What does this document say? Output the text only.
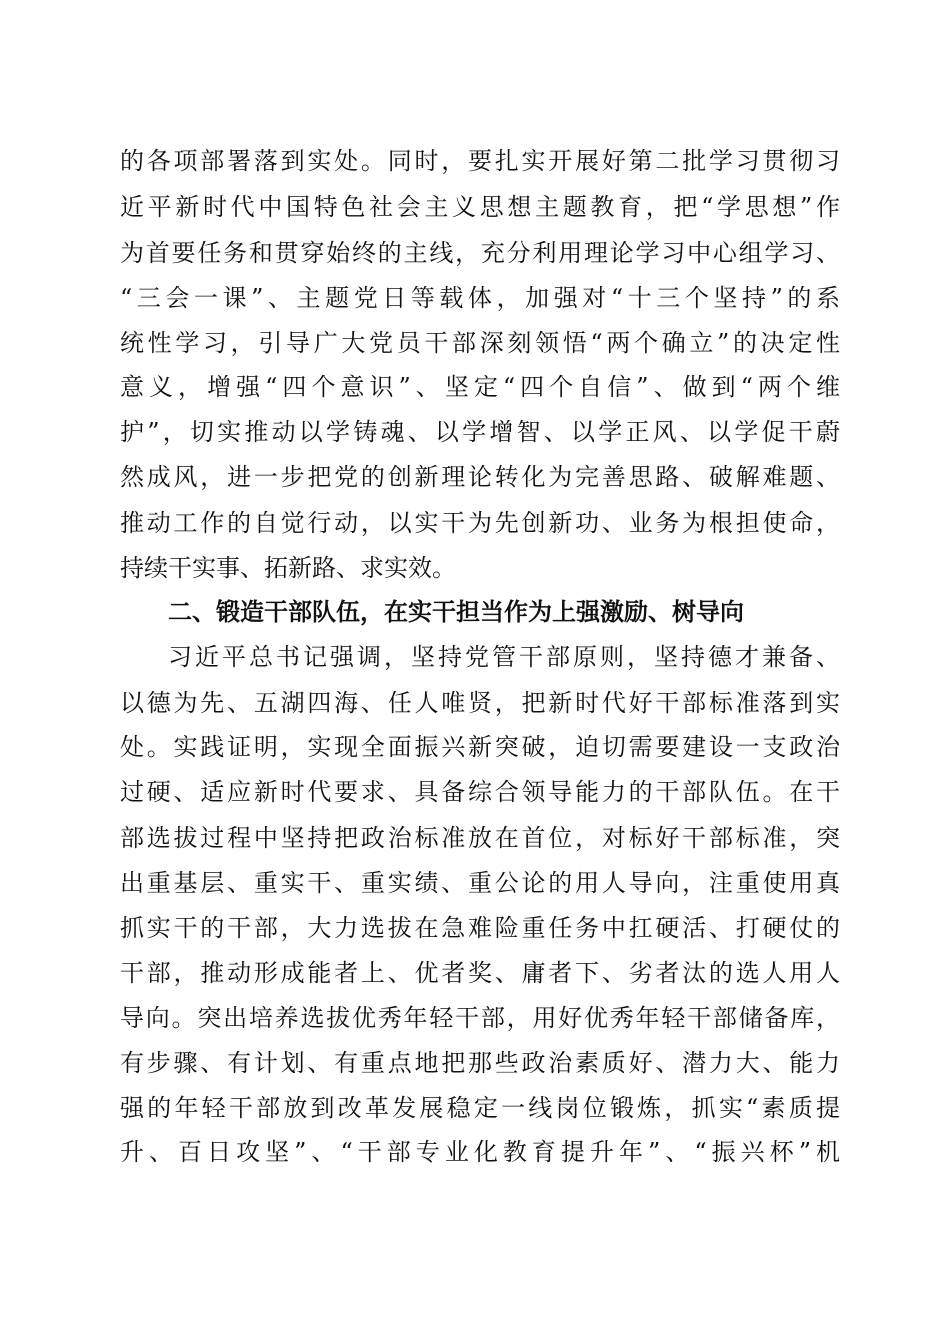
的各项部署落到实处。同时，要扎实开展好第二批学习贯彻习
近平新时代中国特色社会主义思想主题教育，把“学思想”作
为首要任务和贯穿始终的主线，充分利用理论学习中心组学习、
“三会一课”、主题党日等载体，加强对“十三个坚持”的系
统性学习，引导广大党员干部深刻领悟“两个确立”的决定性
意义，增强“四个意识”、坚定“四个自信”、做到“两个维
护”，切实推动以学铸魂、以学增智、以学正风、以学促干蔚
然成风，进一步把党的创新理论转化为完善思路、破解难题、
推动工作的自觉行动，以实干为先创新功、业务为根担使命，
持续干实事、拓新路、求实效。
二、锻造干部队伍，在实干担当作为上强激励、树导向
习近平总书记强调，坚持党管干部原则，坚持德才兼备、
以德为先、五湖四海、任人唯贤，把新时代好干部标准落到实
处。实践证明，实现全面振兴新突破，迫切需要建设一支政治
过硬、适应新时代要求、具备综合领导能力的干部队伍。在干
部选拔过程中坚持把政治标准放在首位，对标好干部标准，突
出重基层、重实干、重实绩、重公论的用人导向，注重使用真
抓实干的干部，大力选拔在急难险重任务中扛硬活、打硬仗的
干部，推动形成能者上、优者奖、庸者下、劣者汰的选人用人
导向。突出培养选拔优秀年轻干部，用好优秀年轻干部储备库，
有步骤、有计划、有重点地把那些政治素质好、潜力大、能力
强的年轻干部放到改革发展稳定一线岗位锻炼，抓实“素质提
升、百日攻坚”、“干部专业化教育提升年”、“振兴杯”机
